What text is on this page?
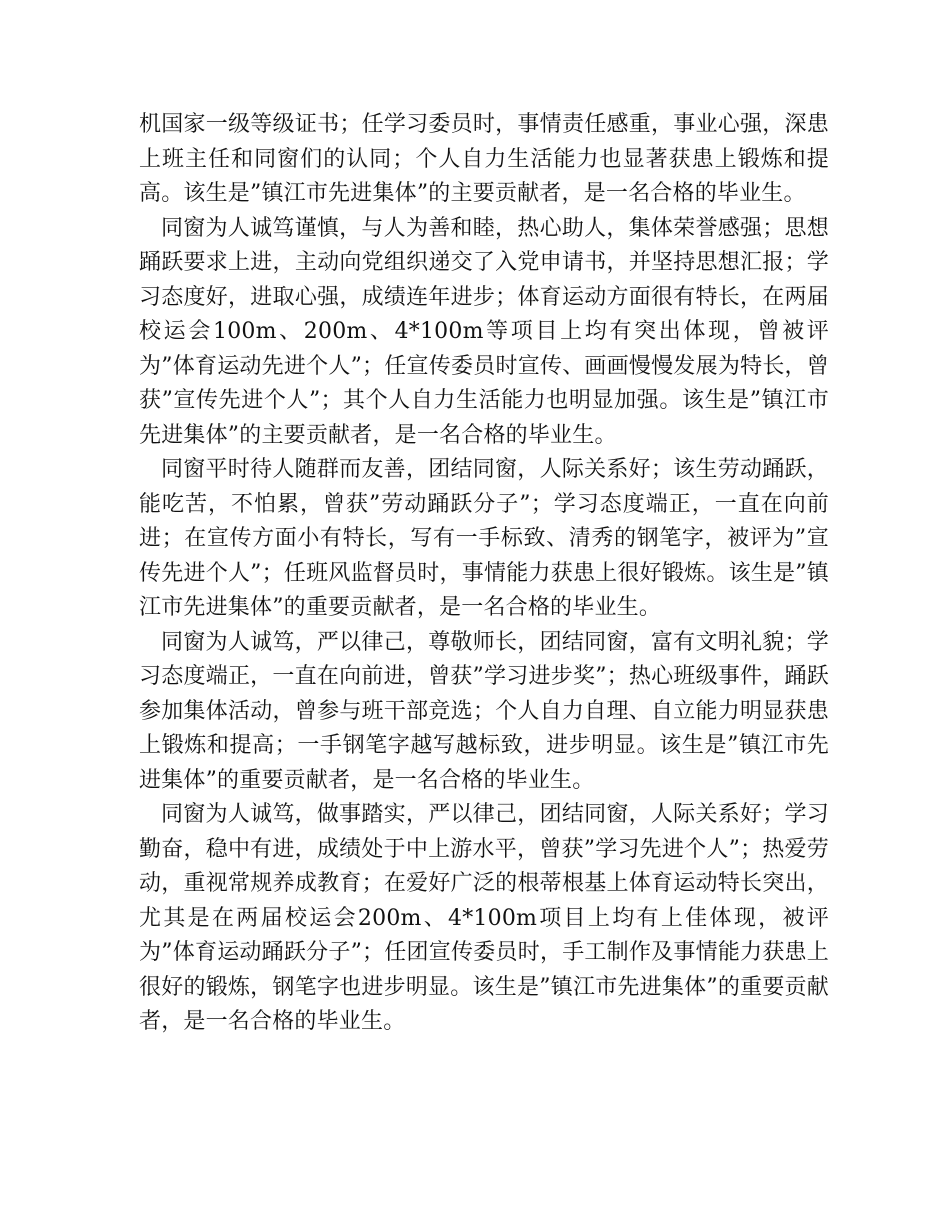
机国家一级等级证书；任学习委员时，事情责任感重，事业心强，深患上班主任和同窗们的认同；个人自力生活能力也显著获患上锻炼和提高。该生是”镇江市先进集体”的主要贡献者，是一名合格的毕业生。

同窗为人诚笃谨慎，与人为善和睦，热心助人，集体荣誉感强；思想踊跃要求上进，主动向党组织递交了入党申请书，并坚持思想汇报；学习态度好，进取心强，成绩连年进步；体育运动方面很有特长，在两届校运会100m、200m、4*100m等项目上均有突出体现，曾被评为”体育运动先进个人”；任宣传委员时宣传、画画慢慢发展为特长，曾获”宣传先进个人”；其个人自力生活能力也明显加强。该生是”镇江市先进集体”的主要贡献者，是一名合格的毕业生。

同窗平时待人随群而友善，团结同窗，人际关系好；该生劳动踊跃，能吃苦，不怕累，曾获”劳动踊跃分子”；学习态度端正，一直在向前进；在宣传方面小有特长，写有一手标致、清秀的钢笔字，被评为”宣传先进个人”；任班风监督员时，事情能力获患上很好锻炼。该生是”镇江市先进集体”的重要贡献者，是一名合格的毕业生。

同窗为人诚笃，严以律己，尊敬师长，团结同窗，富有文明礼貌；学习态度端正，一直在向前进，曾获”学习进步奖”；热心班级事件，踊跃参加集体活动，曾参与班干部竞选；个人自力自理、自立能力明显获患上锻炼和提高；一手钢笔字越写越标致，进步明显。该生是”镇江市先进集体”的重要贡献者，是一名合格的毕业生。

同窗为人诚笃，做事踏实，严以律己，团结同窗，人际关系好；学习勤奋，稳中有进，成绩处于中上游水平，曾获”学习先进个人”；热爱劳动，重视常规养成教育；在爱好广泛的根蒂根基上体育运动特长突出，尤其是在两届校运会200m、4*100m项目上均有上佳体现，被评为”体育运动踊跃分子”；任团宣传委员时，手工制作及事情能力获患上很好的锻炼，钢笔字也进步明显。该生是”镇江市先进集体”的重要贡献者，是一名合格的毕业生。
